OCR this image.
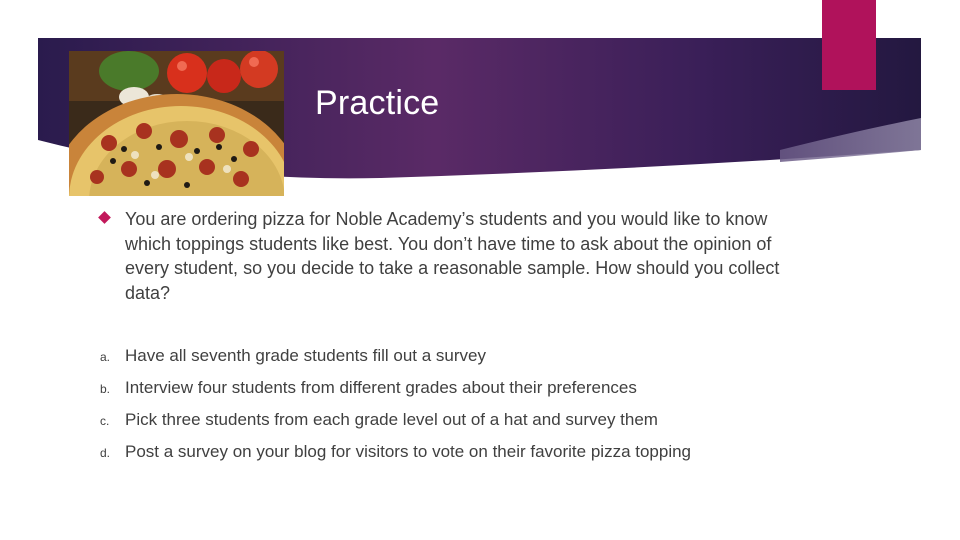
Practice

You are ordering pizza for Noble Academy’s students and you would like to know which toppings students like best. You don’t have time to ask about the opinion of every student, so you decide to take a reasonable sample. How should you collect data?

a. Have all seventh grade students fill out a survey
b. Interview four students from different grades about their preferences
c. Pick three students from each grade level out of a hat and survey them
d. Post a survey on your blog for visitors to vote on their favorite pizza topping
